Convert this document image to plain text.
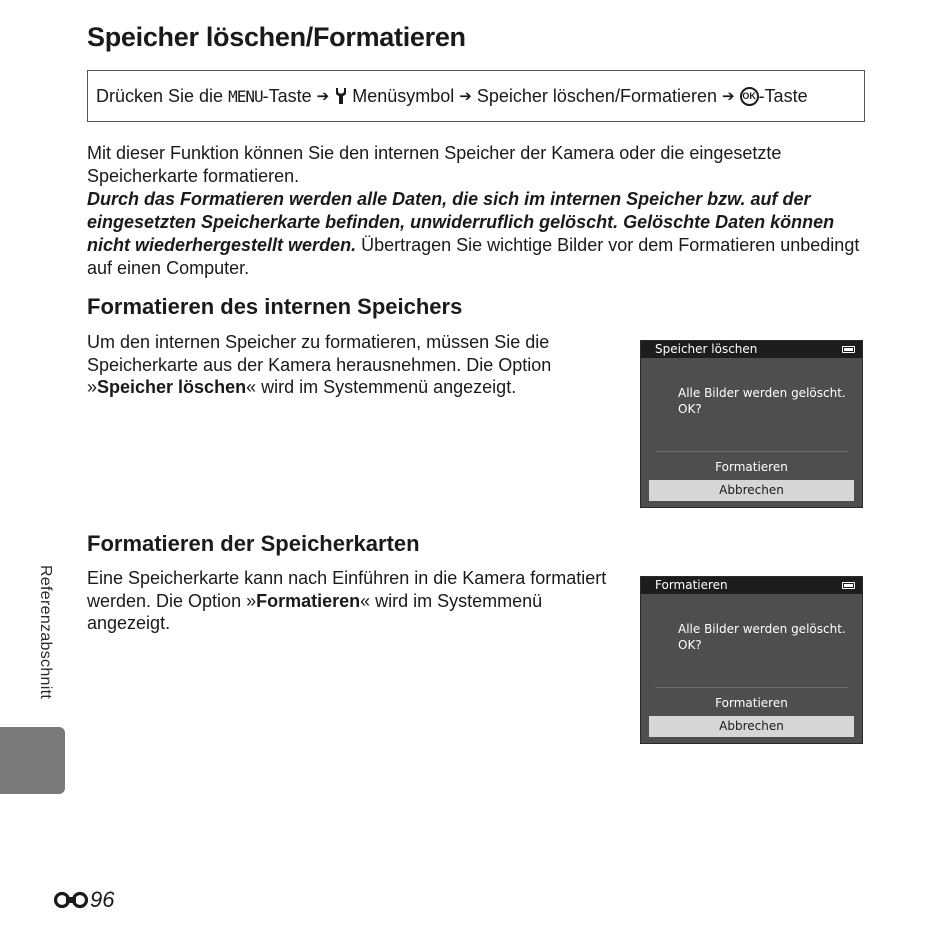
Speicher löschen/Formatieren
Drücken Sie die
MENU -Taste ➔ Menüsymbol ➔ Speicher löschen/Formatieren ➔ OK -Taste
Mit dieser Funktion können Sie den internen Speicher der Kamera oder die eingesetzte Speicherkarte formatieren.
Durch das Formatieren werden alle Daten, die sich im internen Speicher bzw. auf der eingesetzten Speicherkarte befinden, unwiderruflich gelöscht. Gelöschte Daten können nicht wiederhergestellt werden. Übertragen Sie wichtige Bilder vor dem Formatieren unbedingt auf einen Computer.
Formatieren des internen Speichers
Um den internen Speicher zu formatieren, müssen Sie die Speicherkarte aus der Kamera herausnehmen. Die Option »Speicher löschen« wird im Systemmenü angezeigt.
Speicher löschen
Alle Bilder werden gelöscht.
OK?
Formatieren
Abbrechen
Formatieren der Speicherkarten
Eine Speicherkarte kann nach Einführen in die Kamera formatiert werden. Die Option »Formatieren« wird im Systemmenü angezeigt.
Formatieren
Alle Bilder werden gelöscht.
OK?
Formatieren
Abbrechen
Referenzabschnitt
96
